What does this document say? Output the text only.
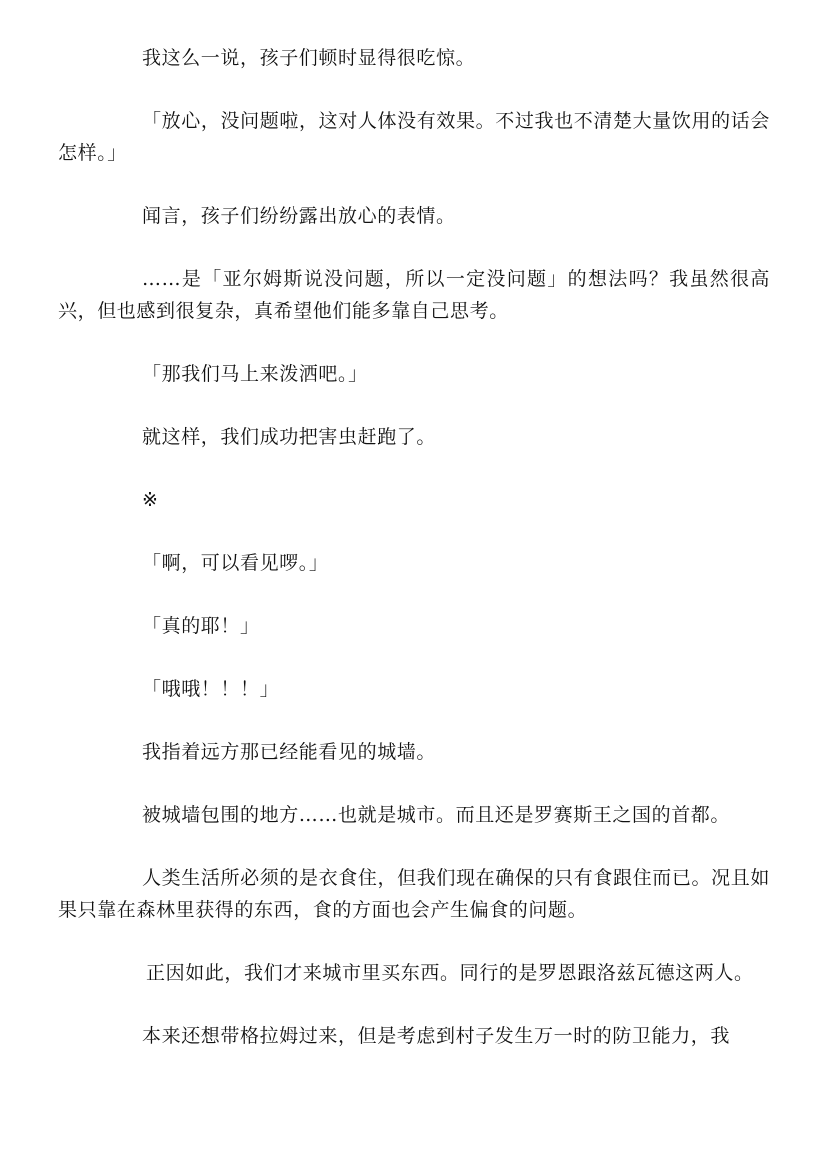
我这么一说，孩子们顿时显得很吃惊。

「放心，没问题啦，这对人体没有效果。不过我也不清楚大量饮用的话会怎样。」

闻言，孩子们纷纷露出放心的表情。

……是「亚尔姆斯说没问题，所以一定没问题」的想法吗？我虽然很高兴，但也感到很复杂，真希望他们能多靠自己思考。

「那我们马上来泼洒吧。」

就这样，我们成功把害虫赶跑了。

※

「啊，可以看见啰。」

「真的耶！」

「哦哦！！！」

我指着远方那已经能看见的城墙。

被城墙包围的地方……也就是城市。而且还是罗赛斯王之国的首都。

人类生活所必须的是衣食住，但我们现在确保的只有食跟住而已。况且如果只靠在森林里获得的东西，食的方面也会产生偏食的问题。

正因如此，我们才来城市里买东西。同行的是罗恩跟洛兹瓦德这两人。

本来还想带格拉姆过来，但是考虑到村子发生万一时的防卫能力，我
